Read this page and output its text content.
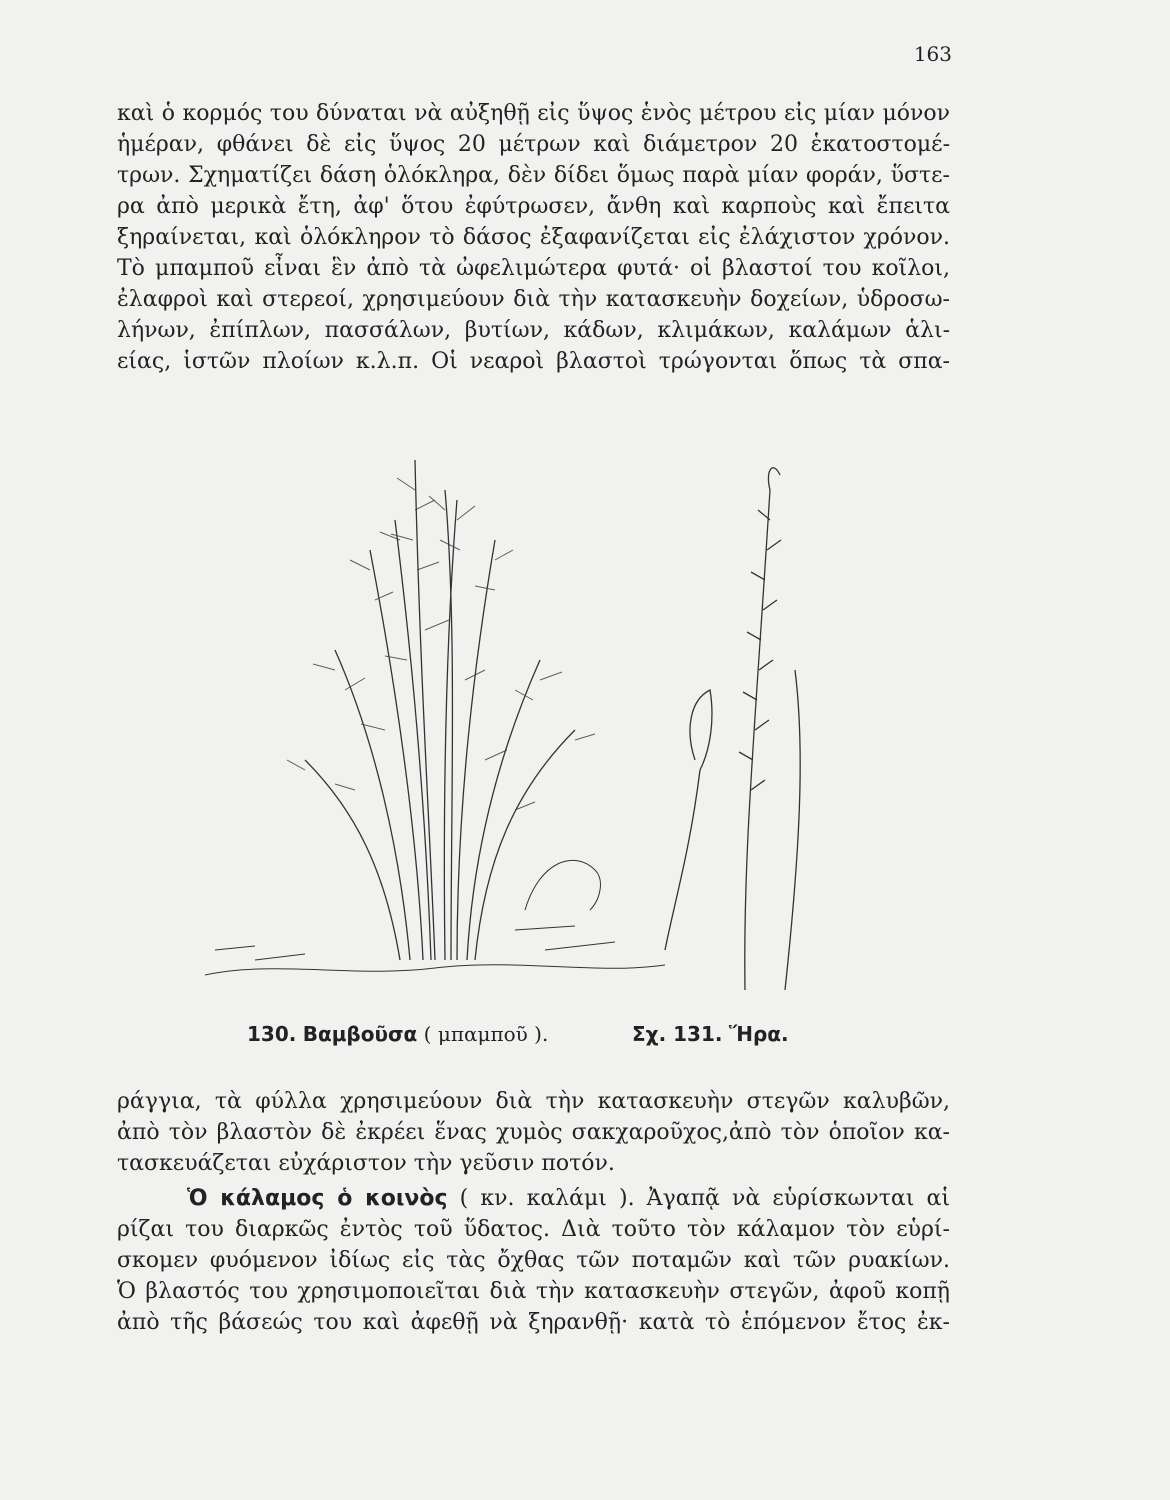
163
καὶ ὁ κορμός του δύναται νὰ αὐξηθῇ εἰς ὕψος ἑνὸς μέτρου εἰς μίαν μόνον
ἡμέραν, φθάνει δὲ εἰς ὕψος 20 μέτρων καὶ διάμετρον 20 ἑκατοστομέ-
τρων. Σχηματίζει δάση ὁλόκληρα, δὲν δίδει ὅμως παρὰ μίαν φοράν, ὕστε-
ρα ἀπὸ μερικὰ ἔτη, ἀφ' ὅτου ἐφύτρωσεν, ἄνθη καὶ καρποὺς καὶ ἔπειτα
ξηραίνεται, καὶ ὁλόκληρον τὸ δάσος ἐξαφανίζεται εἰς ἐλάχιστον χρόνον.
Τὸ μπαμποῦ εἶναι ἓν ἀπὸ τὰ ὠφελιμώτερα φυτά· οἱ βλαστοί του κοῖλοι,
ἐλαφροὶ καὶ στερεοί, χρησιμεύουν διὰ τὴν κατασκευὴν δοχείων, ὑδροσω-
λήνων, ἐπίπλων, πασσάλων, βυτίων, κάδων, κλιμάκων, καλάμων ἁλι-
είας, ἱστῶν πλοίων κ.λ.π. Οἱ νεαροὶ βλαστοὶ τρώγονται ὅπως τὰ σπα-
130. Βαμβοῦσα ( μπαμποῦ ).	Σχ. 131. Ἥρα.
ράγγια, τὰ φύλλα χρησιμεύουν διὰ τὴν κατασκευὴν στεγῶν καλυβῶν,
ἀπὸ τὸν βλαστὸν δὲ ἐκρέει ἕνας χυμὸς σακχαροῦχος,ἀπὸ τὸν ὁποῖον κα-
τασκευάζεται εὐχάριστον τὴν γεῦσιν ποτόν.
Ὁ κάλαμος ὁ κοινὸς ( κν. καλάμι ). Ἀγαπᾷ νὰ εὑρίσκωνται αἱ
ρίζαι του διαρκῶς ἐντὸς τοῦ ὕδατος. Διὰ τοῦτο τὸν κάλαμον τὸν εὑρί-
σκομεν φυόμενον ἰδίως εἰς τὰς ὄχθας τῶν ποταμῶν καὶ τῶν ρυακίων.
Ὁ βλαστός του χρησιμοποιεῖται διὰ τὴν κατασκευὴν στεγῶν, ἀφοῦ κοπῇ
ἀπὸ τῆς βάσεώς του καὶ ἀφεθῇ νὰ ξηρανθῇ· κατὰ τὸ ἑπόμενον ἔτος ἐκ-
